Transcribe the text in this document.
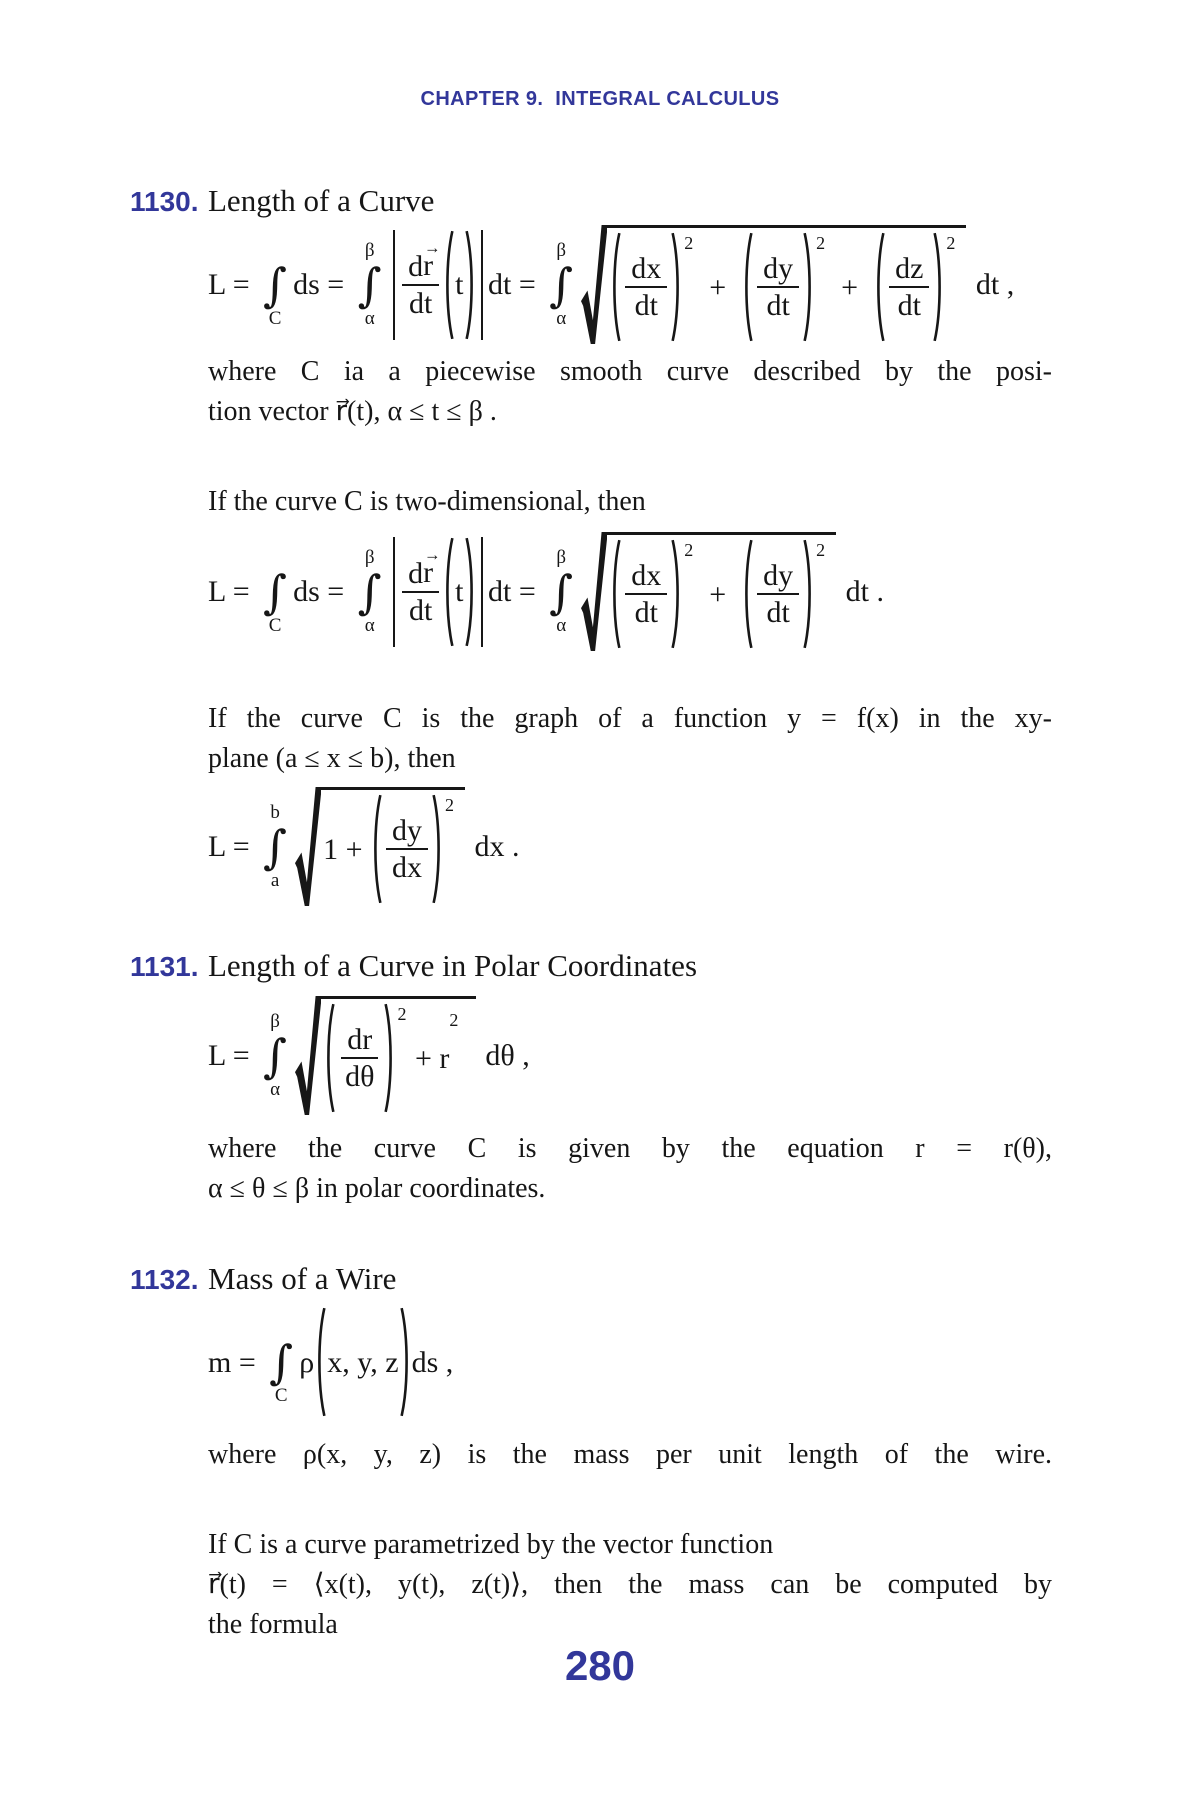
CHAPTER 9.  INTEGRAL CALCULUS
1130. Length of a Curve
L = ∫
C
ds =
β
∫
α $\frac{\text{d r →}}{dt}$ t dt =
β
∫
α $\frac{dx}{dt}$
2
+ $\frac{dy}{dt}$
2
+ $\frac{dz}{dt}$
2
dt ,

where C ia a piecewise smooth curve described by the posi-
tion vector r⃗(t), α ≤ t ≤ β .

If the curve C is two-dimensional, then

L = ∫
C
ds =
β
∫
α $\frac{\text{d r →}}{dt}$ t dt =
β
∫
α $\frac{dx}{dt}$
2
+ $\frac{dy}{dt}$
2
dt .

If the curve C is the graph of a function y = f(x) in the xy-
plane (a ≤ x ≤ b), then

L =
b
∫
a
$1 + \frac{dy}{dx}$
2
dx .
1131. Length of a Curve in Polar Coordinates
L =
β
∫
α $\frac{dr}{d\theta}$
2
+ r
2

dθ ,

where the curve C is given by the equation r = r(θ),
α ≤ θ ≤ β in polar coordinates.

1132. Mass of a Wire
m = ∫
C
ρ x, y, z ds ,

where ρ(x, y, z) is the mass per unit length of the wire.

If C is a curve parametrized by the vector function
r⃗(t) = ⟨x(t), y(t), z(t)⟩, then the mass can be computed by
the formula

280
